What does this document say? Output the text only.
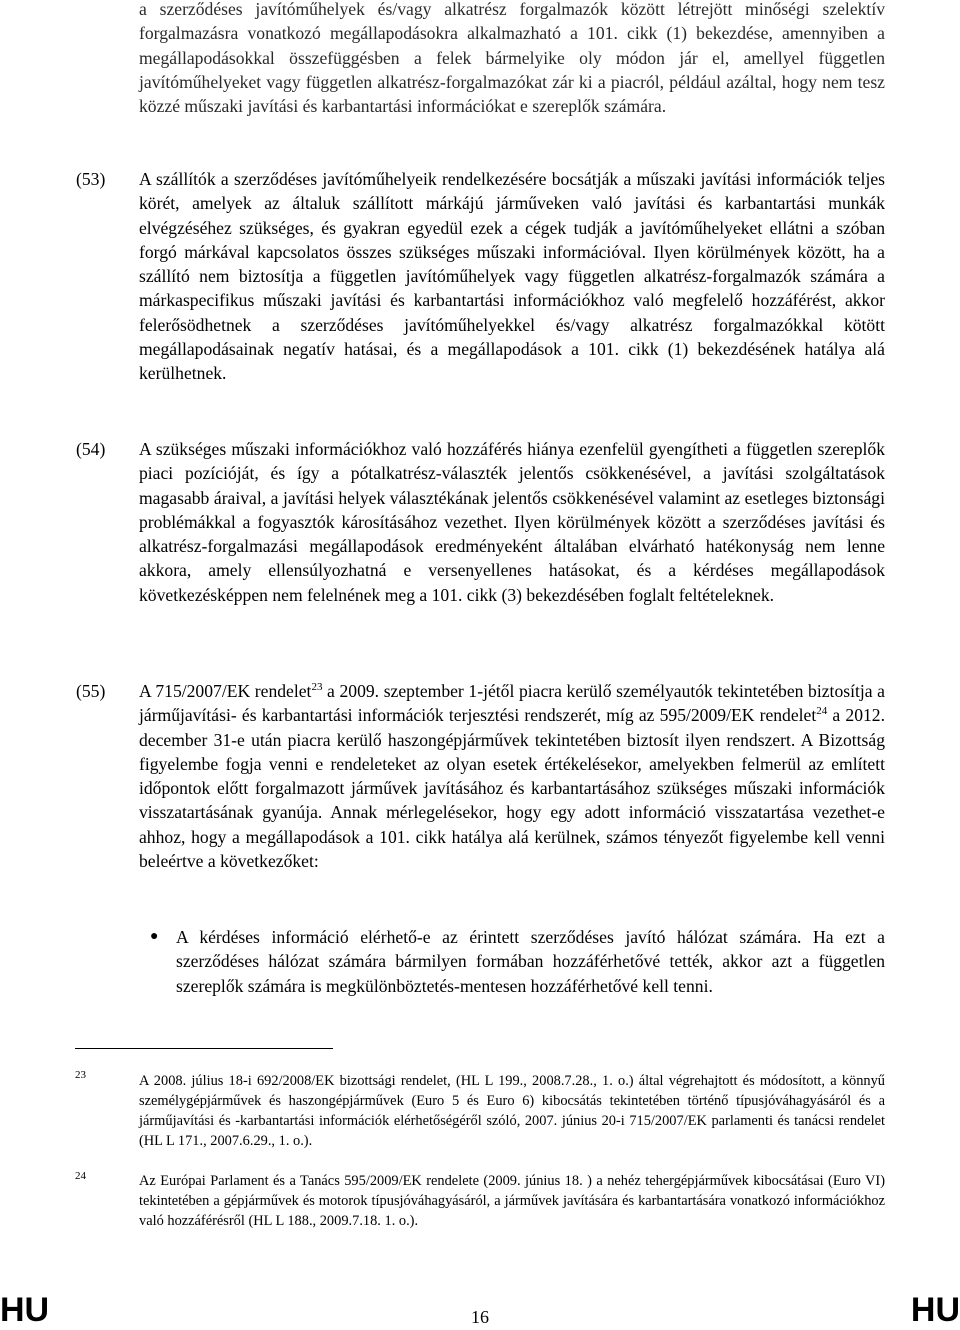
a szerződéses javítóműhelyek és/vagy alkatrész forgalmazók között létrejött minőségi szelektív forgalmazásra vonatkozó megállapodásokra alkalmazható a 101. cikk (1) bekezdése, amennyiben a megállapodásokkal összefüggésben a felek bármelyike oly módon jár el, amellyel független javítóműhelyeket vagy független alkatrész-forgalmazókat zár ki a piacról, például azáltal, hogy nem tesz közzé műszaki javítási és karbantartási információkat e szereplők számára.
(53) A szállítók a szerződéses javítóműhelyeik rendelkezésére bocsátják a műszaki javítási információk teljes körét, amelyek az általuk szállított márkájú járműveken való javítási és karbantartási munkák elvégzéséhez szükséges, és gyakran egyedül ezek a cégek tudják a javítóműhelyeket ellátni a szóban forgó márkával kapcsolatos összes szükséges műszaki információval. Ilyen körülmények között, ha a szállító nem biztosítja a független javítóműhelyek vagy független alkatrész-forgalmazók számára a márkaspecifikus műszaki javítási és karbantartási információkhoz való megfelelő hozzáférést, akkor felerősödhetnek a szerződéses javítóműhelyekkel és/vagy alkatrész forgalmazókkal kötött megállapodásainak negatív hatásai, és a megállapodások a 101. cikk (1) bekezdésének hatálya alá kerülhetnek.
(54) A szükséges műszaki információkhoz való hozzáférés hiánya ezenfelül gyengítheti a független szereplők piaci pozícióját, és így a pótalkatrész-választék jelentős csökkenésével, a javítási szolgáltatások magasabb áraival, a javítási helyek választékának jelentős csökkenésével valamint az esetleges biztonsági problémákkal a fogyasztók károsításához vezethet. Ilyen körülmények között a szerződéses javítási és alkatrész-forgalmazási megállapodások eredményeként általában elvárható hatékonyság nem lenne akkora, amely ellensúlyozhatná e versenyellenes hatásokat, és a kérdéses megállapodások következésképpen nem felelnének meg a 101. cikk (3) bekezdésében foglalt feltételeknek.
(55) A 715/2007/EK rendelet$^{23}$ a 2009. szeptember 1-jétől piacra kerülő személyautók tekintetében biztosítja a járműjavítási- és karbantartási információk terjesztési rendszerét, míg az 595/2009/EK rendelet$^{24}$ a 2012. december 31-e után piacra kerülő haszongépjárművek tekintetében biztosít ilyen rendszert. A Bizottság figyelembe fogja venni e rendeleteket az olyan esetek értékelésekor, amelyekben felmerül az említett időpontok előtt forgalmazott járművek javításához és karbantartásához szükséges műszaki információk visszatartásának gyanúja. Annak mérlegelésekor, hogy egy adott információ visszatartása vezethet-e ahhoz, hogy a megállapodások a 101. cikk hatálya alá kerülnek, számos tényezőt figyelembe kell venni beleértve a következőket:
● A kérdéses információ elérhető-e az érintett szerződéses javító hálózat számára. Ha ezt a szerződéses hálózat számára bármilyen formában hozzáférhetővé tették, akkor azt a független szereplők számára is megkülönböztetés-mentesen hozzáférhetővé kell tenni.
23	A 2008. július 18-i 692/2008/EK bizottsági rendelet, (HL L 199., 2008.7.28., 1. o.) által végrehajtott és módosított, a könnyű személygépjárművek és haszongépjárművek (Euro 5 és Euro 6) kibocsátás tekintetében történő típusjóváhagyásáról és a járműjavítási és -karbantartási információk elérhetőségéről szóló, 2007. június 20-i 715/2007/EK parlamenti és tanácsi rendelet (HL L 171., 2007.6.29., 1. o.).
24	Az Európai Parlament és a Tanács 595/2009/EK rendelete (2009. június 18. ) a nehéz tehergépjárművek kibocsátásai (Euro VI) tekintetében a gépjárművek és motorok típusjóváhagyásáról, a járművek javítására és karbantartására vonatkozó információkhoz való hozzáférésről (HL L 188., 2009.7.18. 1. o.).
HU	16	HU
